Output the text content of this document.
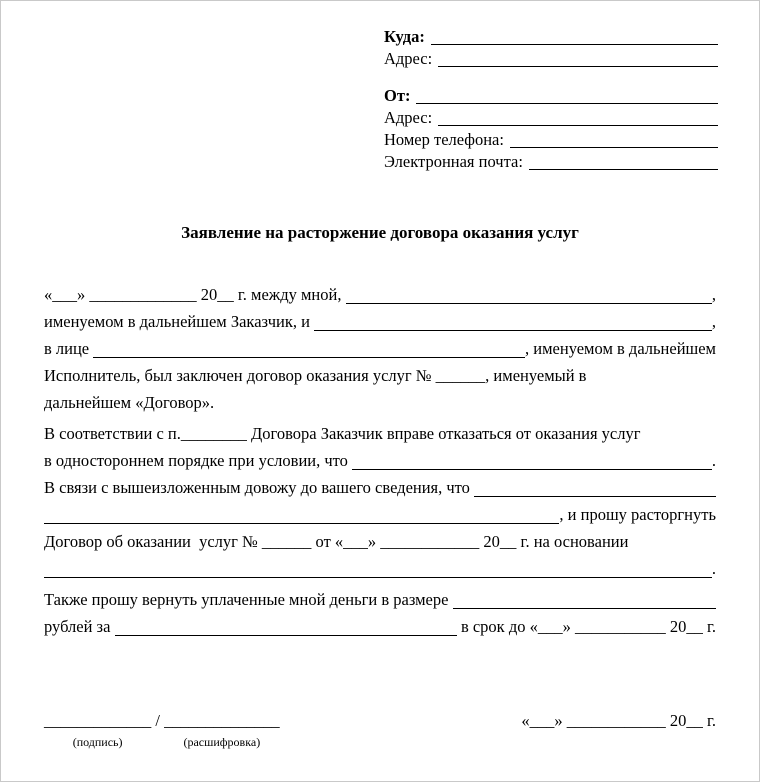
Куда:
Адрес:
От:
Адрес:
Номер телефона:
Электронная почта:
Заявление на расторжение договора оказания услуг
«___» _____________ 20__ г. между мной,	,
именуемом в дальнейшем Заказчик, и	,
в лице	, именуемом в дальнейшем
Исполнитель, был заключен договор оказания услуг № ______, именуемый в
дальнейшем «Договор».
В соответствии с п.________ Договора Заказчик вправе отказаться от оказания услуг
в одностороннем порядке при условии, что	.
В связи с вышеизложенным довожу до вашего сведения, что
, и прошу расторгнуть
Договор об оказании  услуг № ______ от «___» ____________ 20__ г. на основании
.
Также прошу вернуть уплаченные мной деньги в размере
рублей за	в срок до «___» ___________ 20__ г.
_____________
(подпись)
/ ______________
(расшифровка)
«___» ____________ 20__ г.
